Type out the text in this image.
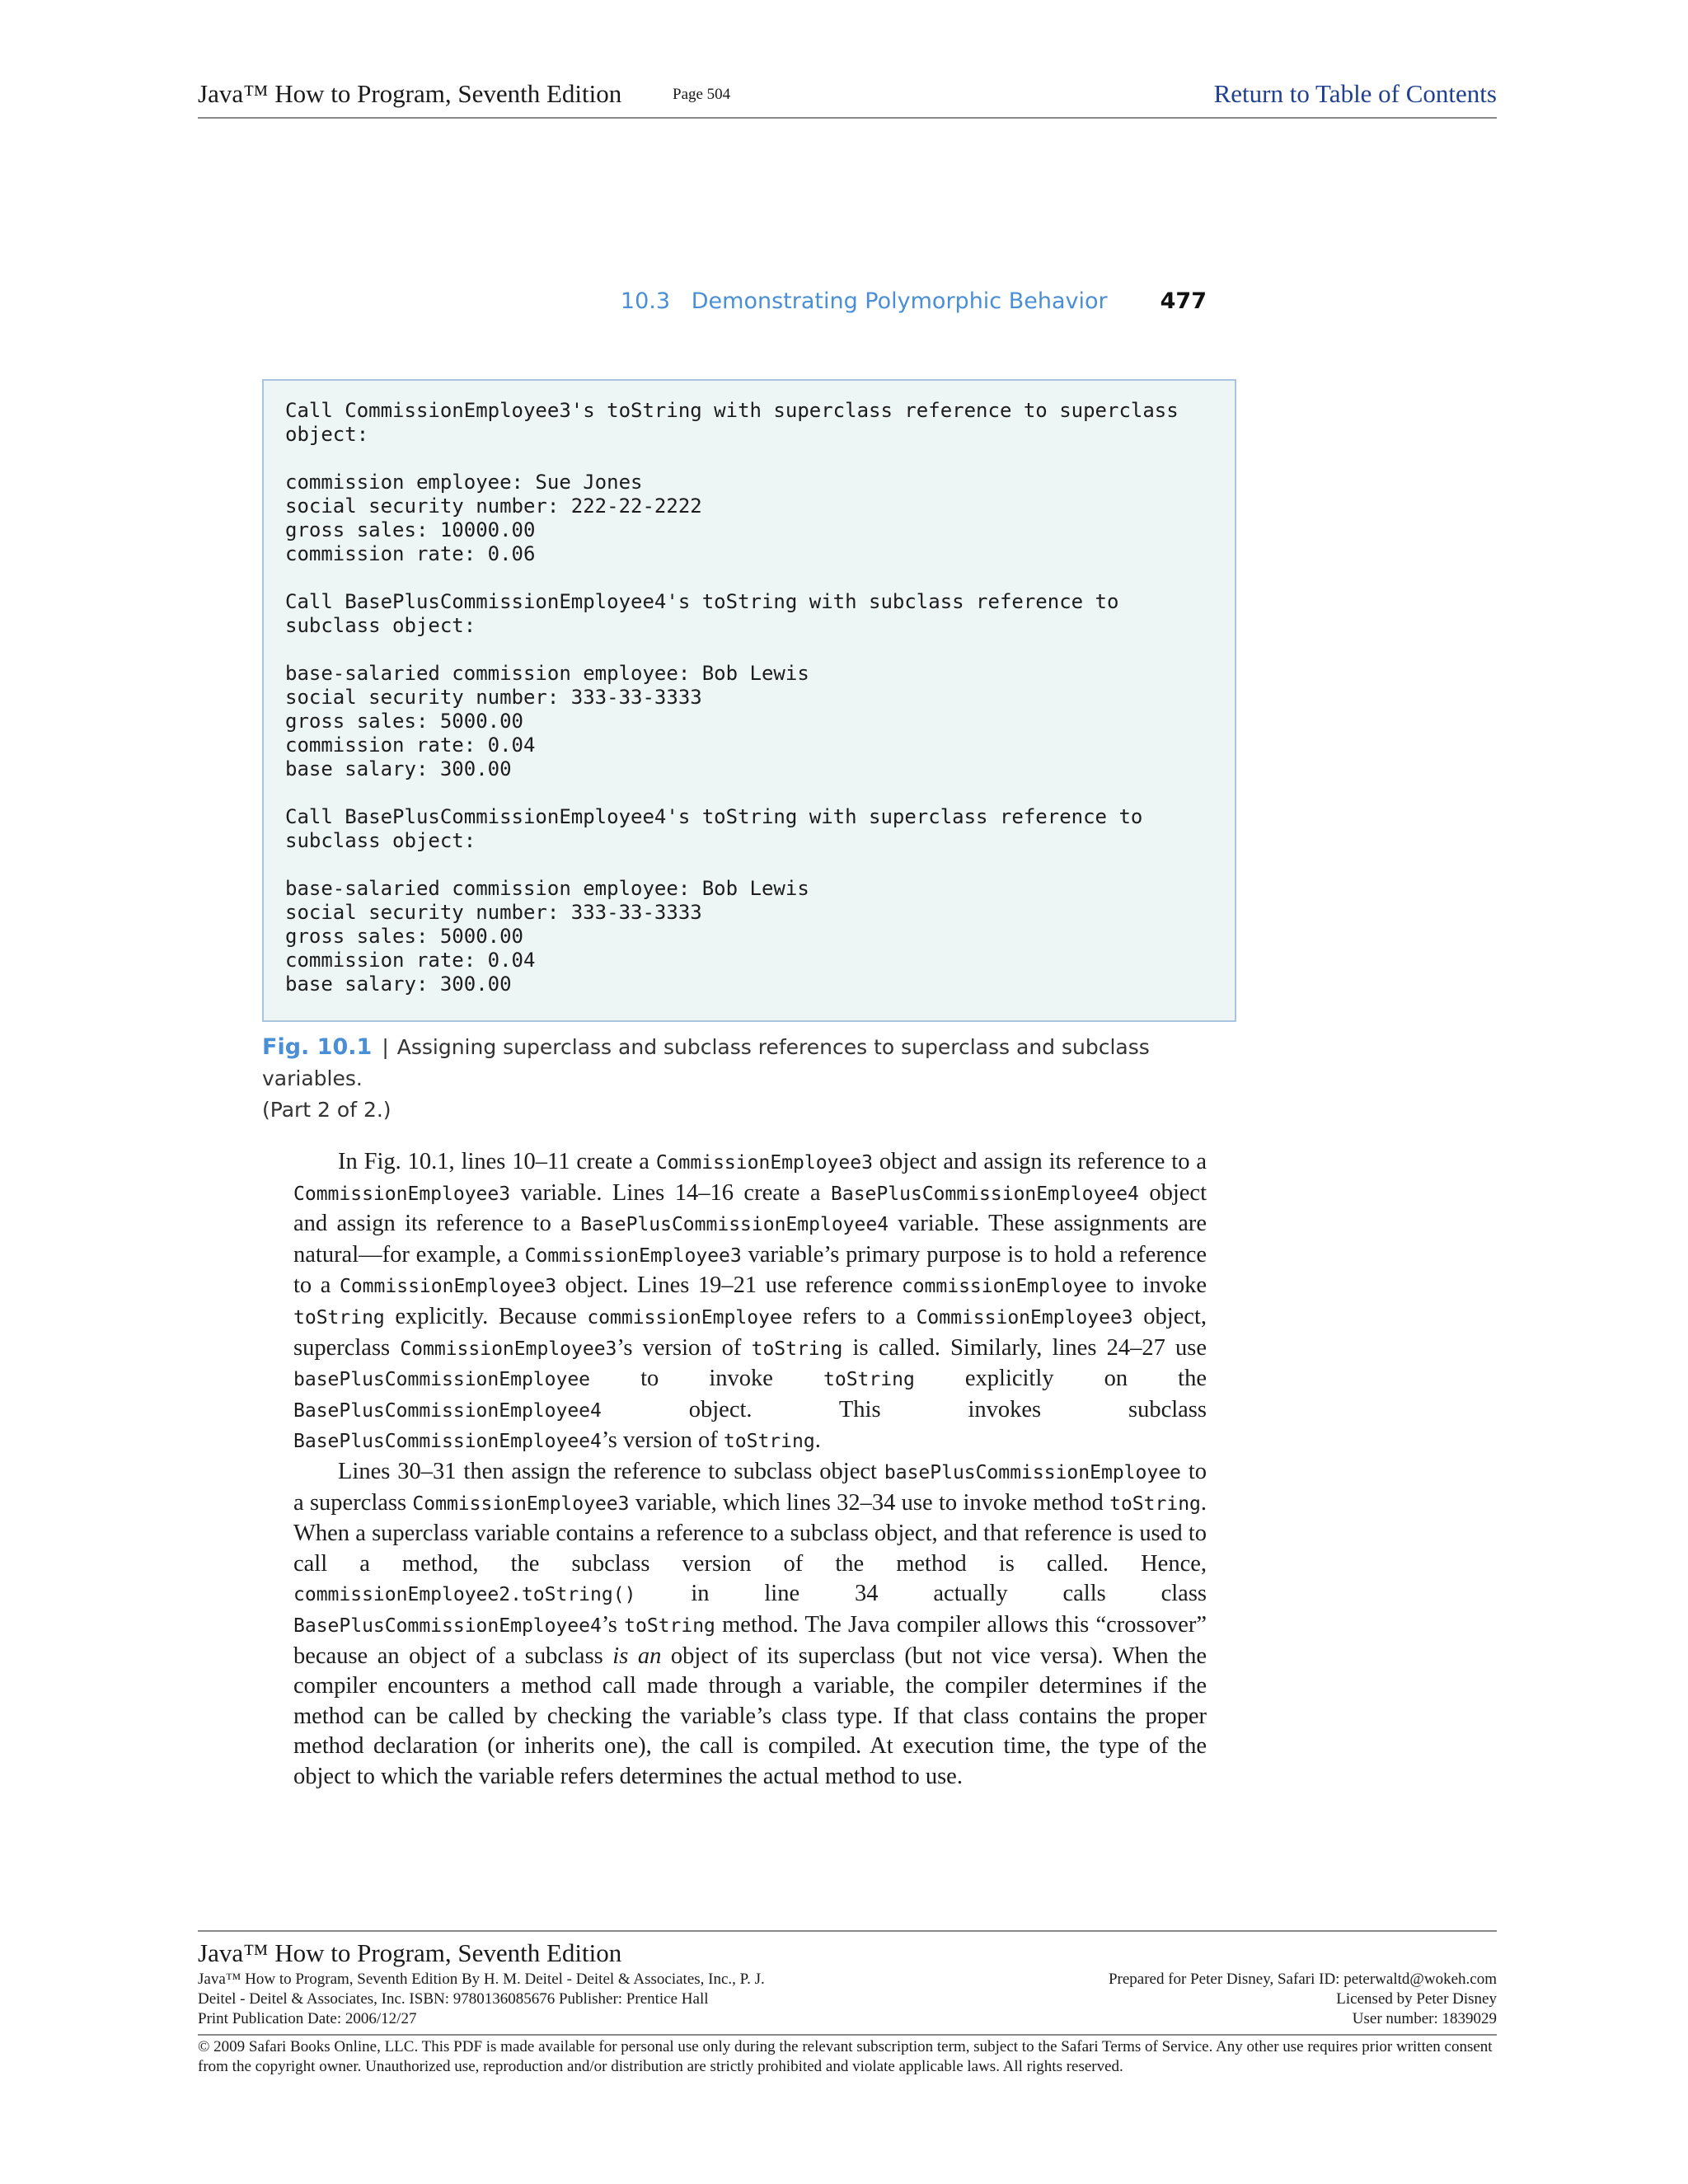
Java™ How to Program, Seventh Edition	Page 504	Return to Table of Contents
10.3   Demonstrating Polymorphic Behavior 477
Call CommissionEmployee3's toString with superclass reference to superclass
object:

commission employee: Sue Jones
social security number: 222-22-2222
gross sales: 10000.00
commission rate: 0.06

Call BasePlusCommissionEmployee4's toString with subclass reference to
subclass object:

base-salaried commission employee: Bob Lewis
social security number: 333-33-3333
gross sales: 5000.00
commission rate: 0.04
base salary: 300.00

Call BasePlusCommissionEmployee4's toString with superclass reference to
subclass object:

base-salaried commission employee: Bob Lewis
social security number: 333-33-3333
gross sales: 5000.00
commission rate: 0.04
base salary: 300.00
Fig. 10.1 | Assigning superclass and subclass references to superclass and subclass variables.
(Part 2 of 2.)

In Fig. 10.1, lines 10–11 create a CommissionEmployee3 object and assign its reference to a CommissionEmployee3 variable. Lines 14–16 create a BasePlusCommissionEmployee4 object and assign its reference to a BasePlusCommissionEmployee4 variable. These assignments are natural—for example, a CommissionEmployee3 variable’s primary purpose is to hold a reference to a CommissionEmployee3 object. Lines 19–21 use reference commissionEmployee to invoke toString explicitly. Because commissionEmployee refers to a CommissionEmployee3 object, superclass CommissionEmployee3’s version of toString is called. Similarly, lines 24–27 use basePlusCommissionEmployee to invoke toString explicitly on the BasePlusCommissionEmployee4 object. This invokes subclass BasePlusCommissionEmployee4’s version of toString.

Lines 30–31 then assign the reference to subclass object basePlusCommissionEmployee to a superclass CommissionEmployee3 variable, which lines 32–34 use to invoke method toString. When a superclass variable contains a reference to a subclass object, and that reference is used to call a method, the subclass version of the method is called. Hence, commissionEmployee2.toString() in line 34 actually calls class BasePlusCommissionEmployee4’s toString method. The Java compiler allows this “crossover” because an object of a subclass is an object of its superclass (but not vice versa). When the compiler encounters a method call made through a variable, the compiler determines if the method can be called by checking the variable’s class type. If that class contains the proper method declaration (or inherits one), the call is compiled. At execution time, the type of the object to which the variable refers determines the actual method to use.

Java™ How to Program, Seventh Edition
Java™ How to Program, Seventh Edition By H. M. Deitel - Deitel & Associates, Inc., P. J.
Deitel - Deitel & Associates, Inc. ISBN: 9780136085676 Publisher: Prentice Hall
Print Publication Date: 2006/12/27
Prepared for Peter Disney, Safari ID: peterwaltd@wokeh.com
Licensed by Peter Disney
User number: 1839029
© 2009 Safari Books Online, LLC. This PDF is made available for personal use only during the relevant subscription term, subject to the Safari Terms of Service. Any other use requires prior written consent from the copyright owner. Unauthorized use, reproduction and/or distribution are strictly prohibited and violate applicable laws. All rights reserved.
